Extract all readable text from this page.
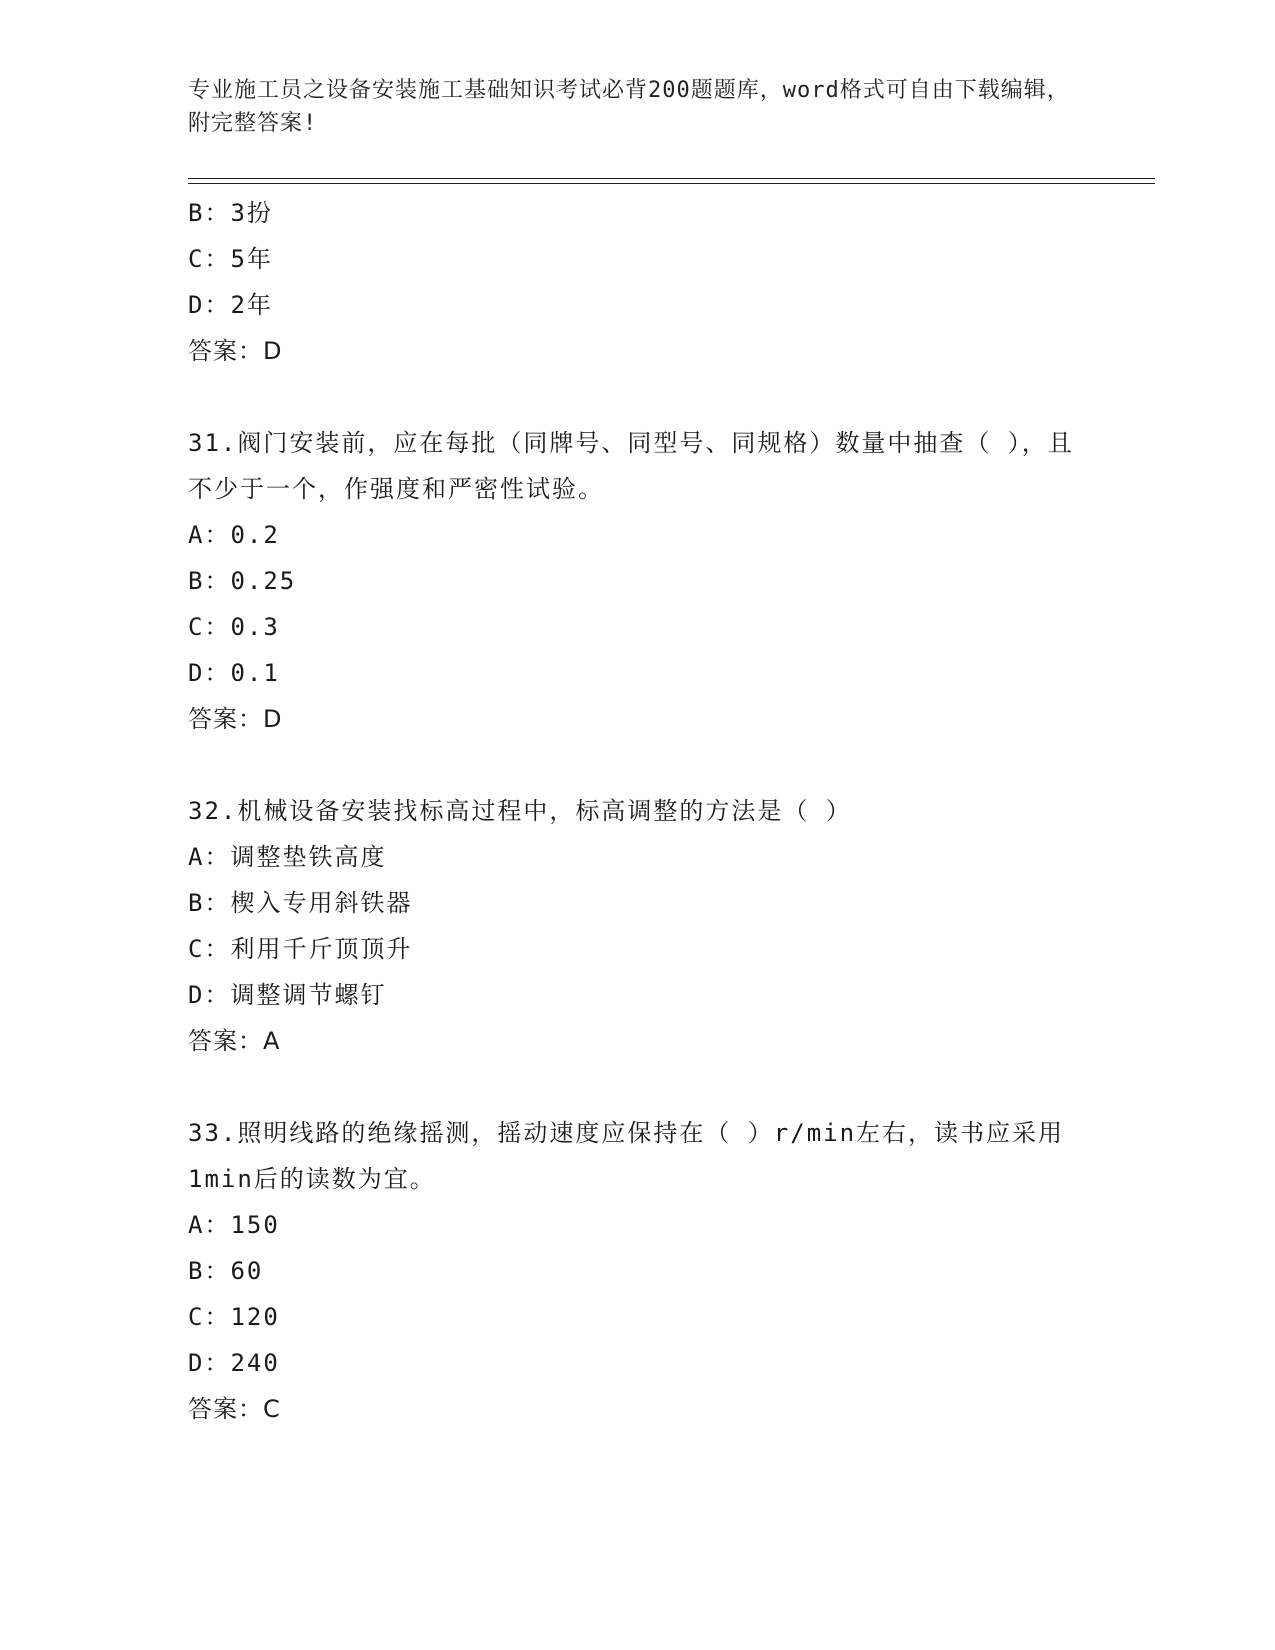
专业施工员之设备安装施工基础知识考试必背200题题库，word格式可自由下载编辑，附完整答案!
B：3扮
C：5年
D：2年
答案：D
31.阀门安装前，应在每批（同牌号、同型号、同规格）数量中抽查（ ），且不少于一个，作强度和严密性试验。
A：0.2
B：0.25
C：0.3
D：0.1
答案：D
32.机械设备安装找标高过程中，标高调整的方法是（ ）
A：调整垫铁高度
B：楔入专用斜铁器
C：利用千斤顶顶升
D：调整调节螺钉
答案：A
33.照明线路的绝缘摇测，摇动速度应保持在（ ）r/min左右，读书应采用1min后的读数为宜。
A：150
B：60
C：120
D：240
答案：C
